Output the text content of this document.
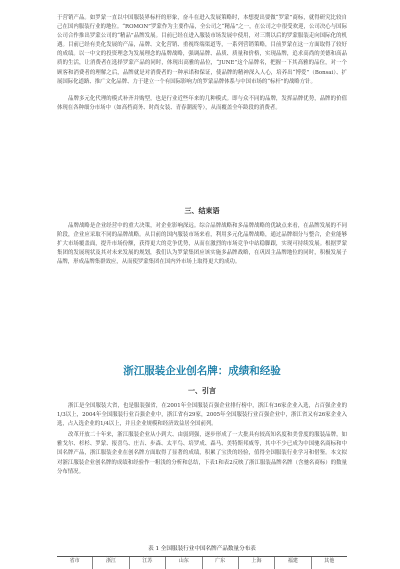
于营销产品。如罗蒙一直以中国服装界标杆的形象，奋斗在进入发展策略时，本想提出要做“罗蒙”商标，就得研究比较自己在国内服装行业的地位。“ROMON”罗蒙作为主要作品，全公司之“精品”之一，在公司之中很受欢迎，公司决心与国际公司合作推出罗蒙公司的“精品”品牌发展。目前已经在进入服装市场发展中使用，对三期以后的罗蒙服装走向国际化的机遇。目前已经有美化发展的产品，品牌、文化营销、重视终端渠道等，一系列营销策略，目前罗蒙在这一方面取得了较好的成绩。以一中文的投资理念为发展理念的品牌战略，强调品牌、品质、质量和价格，实现品牌，追求高尚的美德和高品质的生活，让消费者在选择罗蒙产品的同时，体现出高雅的品位，“JUNE”这个品牌名，把握一下其高雅的品位，对一个顾客和消费者的理解之后，品牌就是对消费者的一种承诺和保证，使品牌的精神深入人心，培养出“博爱”（Bonsai）、扩展国际化道路、推广文化品牌、力于建立一个有国际影响力的罗蒙品牌体系与中国市场的“标杆”的战略方针。

品牌多元化代理的模式补齐并购型，也是行业近些年来的几种模式。即与众不同的品牌，发挥品牌优势，品牌的价值体现在各种细分市场中（如高档商务、时尚女装、青春潮流等），从而覆盖全年龄段的消费者。

三、结束语

品牌战略是企业经营中的重大决策，对企业影响深远。综合品牌战略和多品牌战略的优缺点来看，在品牌发展的不同阶段，企业应采取不同的品牌战略。从目前的国内服装市场来看，利用多元化品牌战略，通过品牌细分与整合，企业能够扩大市场覆盖面，提升市场份额，获得更大的竞争优势，从而在激烈的市场竞争中站稳脚跟，实现可持续发展。根据罗蒙集团的发展现状及其对未来发展的规划，我们认为罗蒙集团应该实施多品牌战略，在巩固主品牌地位的同时，积极发展子品牌，形成品牌集群效应，从而使罗蒙集团在国内外市场上取得更大的成功。

浙江服装企业创名牌：成绩和经验
一、引言

浙江是全国服装大省，也是服装强省，在2001年全国服装百强企业排行榜中，浙江有36家企业入选，占百强企业的1/3以上，2004年全国服装行业百强企业中，浙江省有29家，2005年全国服装行业百强企业中，浙江省又有26家企业入选，占入选企业的1/4以上，并且企业规模和经济效益居全国前列。

改革开放二十年来，浙江服装企业从小到大、由弱到强，逐步形成了一大批具有较高知名度和美誉度的服装品牌，如雅戈尔、杉杉、罗蒙、报喜鸟、庄吉、步森、太平鸟、培罗成、森马、美特斯邦威等，其中不少已成为中国驰名商标和中国名牌产品，浙江服装企业在创名牌方面取得了显著的成绩，积累了宝贵的经验，值得全国服装行业学习和借鉴。本文拟对浙江服装企业创名牌的成绩和经验作一粗浅的分析和总结，下表1和表2反映了浙江服装品牌名牌（含驰名商标）的数量分布情况。

表 1 全国服装行业中国名牌产品数量分布表
省市	浙江	江苏	山东	广东	上海	福建	其他
